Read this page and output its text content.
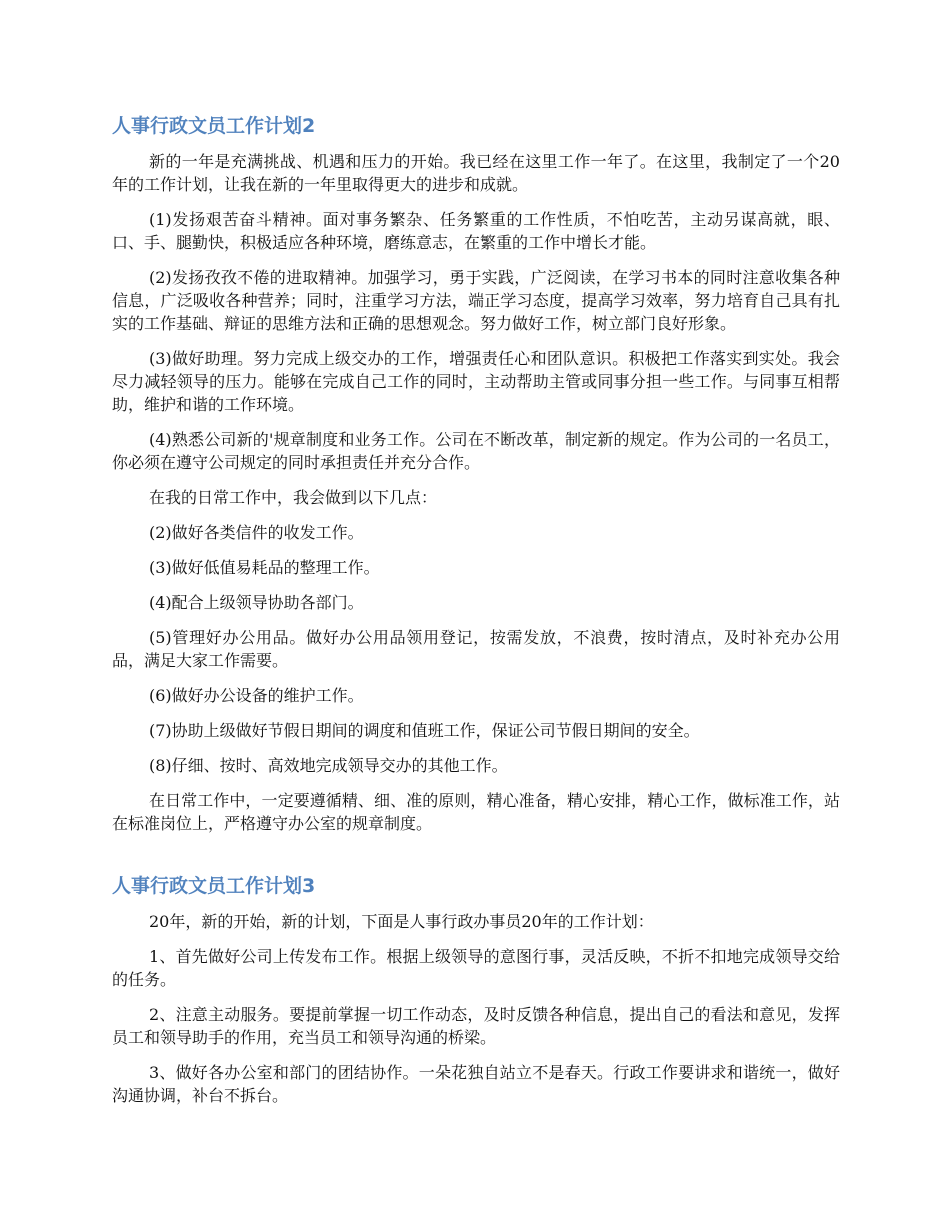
人事行政文员工作计划2

新的一年是充满挑战、机遇和压力的开始。我已经在这里工作一年了。在这里，我制定了一个20年的工作计划，让我在新的一年里取得更大的进步和成就。

(1)发扬艰苦奋斗精神。面对事务繁杂、任务繁重的工作性质，不怕吃苦，主动另谋高就，眼、口、手、腿勤快，积极适应各种环境，磨练意志，在繁重的工作中增长才能。

(2)发扬孜孜不倦的进取精神。加强学习，勇于实践，广泛阅读，在学习书本的同时注意收集各种信息，广泛吸收各种营养；同时，注重学习方法，端正学习态度，提高学习效率，努力培育自己具有扎实的工作基础、辩证的思维方法和正确的思想观念。努力做好工作，树立部门良好形象。

(3)做好助理。努力完成上级交办的工作，增强责任心和团队意识。积极把工作落实到实处。我会尽力减轻领导的压力。能够在完成自己工作的同时，主动帮助主管或同事分担一些工作。与同事互相帮助，维护和谐的工作环境。

(4)熟悉公司新的'规章制度和业务工作。公司在不断改革，制定新的规定。作为公司的一名员工，你必须在遵守公司规定的同时承担责任并充分合作。

在我的日常工作中，我会做到以下几点：

(2)做好各类信件的收发工作。

(3)做好低值易耗品的整理工作。

(4)配合上级领导协助各部门。

(5)管理好办公用品。做好办公用品领用登记，按需发放，不浪费，按时清点，及时补充办公用品，满足大家工作需要。

(6)做好办公设备的维护工作。

(7)协助上级做好节假日期间的调度和值班工作，保证公司节假日期间的安全。

(8)仔细、按时、高效地完成领导交办的其他工作。

在日常工作中，一定要遵循精、细、准的原则，精心准备，精心安排，精心工作，做标准工作，站在标准岗位上，严格遵守办公室的规章制度。

人事行政文员工作计划3

20年，新的开始，新的计划，下面是人事行政办事员20年的工作计划：

1、首先做好公司上传发布工作。根据上级领导的意图行事，灵活反映，不折不扣地完成领导交给的任务。

2、注意主动服务。要提前掌握一切工作动态，及时反馈各种信息，提出自己的看法和意见，发挥员工和领导助手的作用，充当员工和领导沟通的桥梁。

3、做好各办公室和部门的团结协作。一朵花独自站立不是春天。行政工作要讲求和谐统一，做好沟通协调，补台不拆台。
